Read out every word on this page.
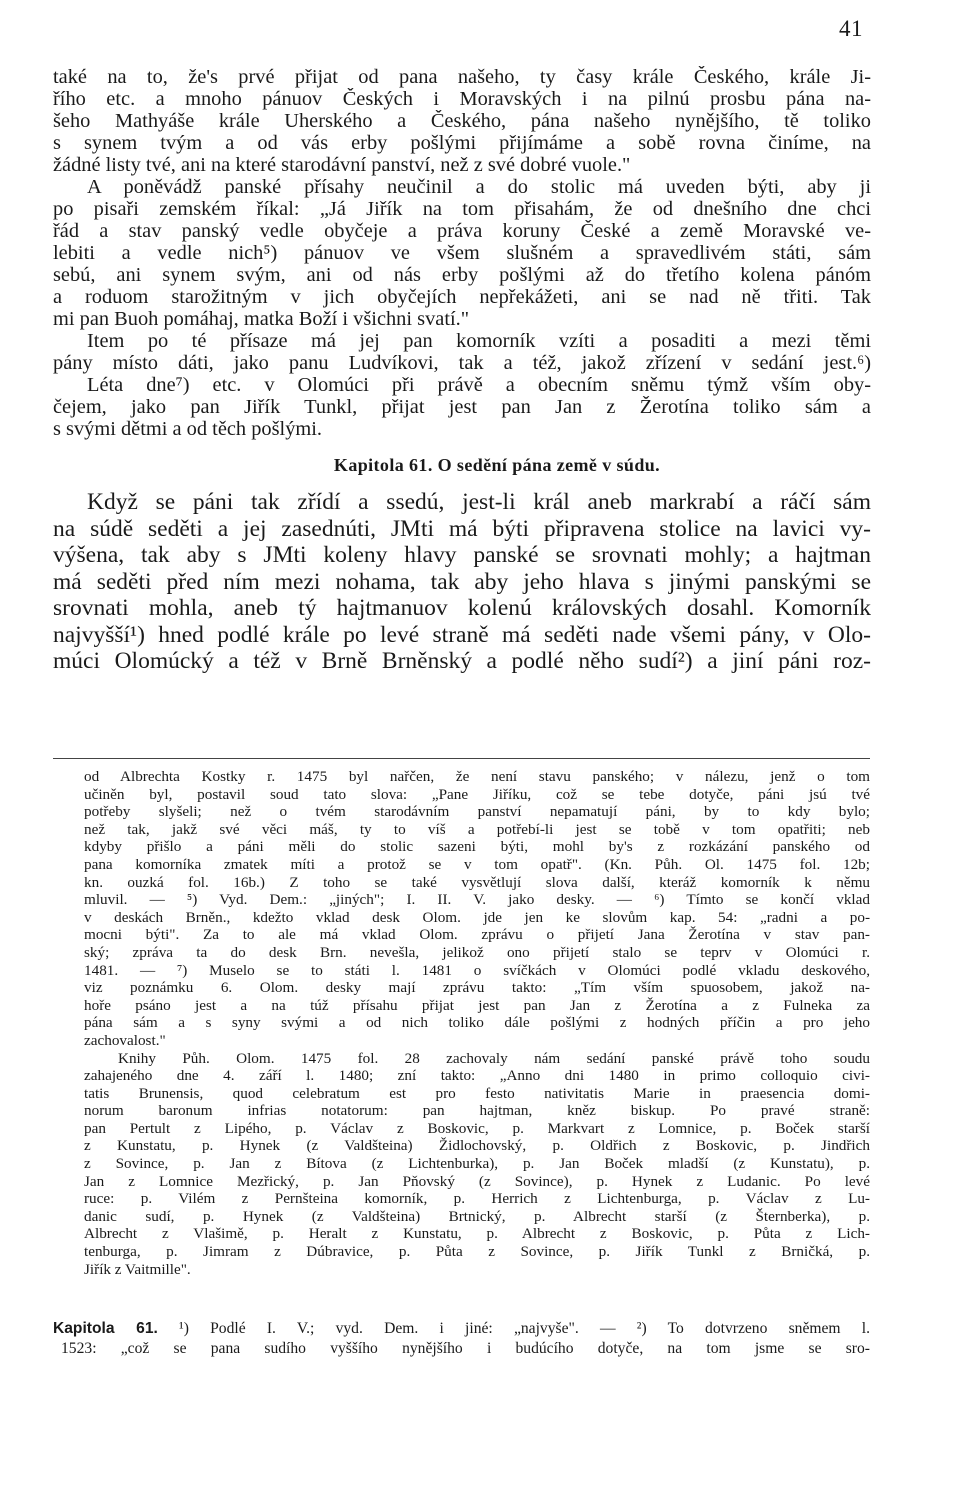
41
také na to, že's prvé přijat od pana našeho, ty časy krále Českého, krále Ji-
řího etc. a mnoho pánuov Českých i Moravských i na pilnú prosbu pána na-
šeho Mathyáše krále Uherského a Českého, pána našeho nynějšího, tě toliko
s synem tvým a od vás erby pošlými přijímáme a sobě rovna činíme, na
žádné listy tvé, ani na které starodávní panství, než z své dobré vuole."
A poněvádž panské přísahy neučinil a do stolic má uveden býti, aby ji
po pisaři zemském říkal: „Já Jiřík na tom přisahám, že od dnešního dne chci
řád a stav panský vedle obyčeje a práva koruny České a země Moravské ve-
lebiti a vedle nich⁵) pánuov ve všem slušném a spravedlivém státi, sám
sebú, ani synem svým, ani od nás erby pošlými až do třetího kolena pánóm
a roduom starožitným v jich obyčejích nepřekážeti, ani se nad ně třiti. Tak
mi pan Buoh pomáhaj, matka Boží i všichni svatí."
Item po té přísaze má jej pan komorník vzíti a posaditi a mezi těmi
pány místo dáti, jako panu Ludvíkovi, tak a též, jakož zřízení v sedání jest.⁶)
Léta dne⁷) etc. v Olomúci při právě a obecním sněmu týmž vším oby-
čejem, jako pan Jiřík Tunkl, přijat jest pan Jan z Žerotína toliko sám a
s svými dětmi a od těch pošlými.
Kapitola 61. O sedění pána země v súdu.
Když se páni tak zřídí a ssedú, jest-li král aneb markrabí a ráčí sám
na súdě seděti a jej zasednúti, JMti má býti připravena stolice na lavici vy-
výšena, tak aby s JMti koleny hlavy panské se srovnati mohly; a hajtman
má seděti před ním mezi nohama, tak aby jeho hlava s jinými panskými se
srovnati mohla, aneb tý hajtmanuov kolenú královských dosahl. Komorník
najvyšší¹) hned podlé krále po levé straně má seděti nade všemi pány, v Olo-
múci Olomúcký a též v Brně Brněnský a podlé něho sudí²) a jiní páni roz-
od Albrechta Kostky r. 1475 byl nařčen, že není stavu panského; v nálezu, jenž o tom
učiněn byl, postavil soud tato slova: „Pane Jiříku, což se tebe dotyče, páni jsú tvé
potřeby slyšeli; než o tvém starodávním panství nepamatují páni, by to kdy bylo;
než tak, jakž své věci máš, ty to víš a potřebí-li jest se tobě v tom opatřiti; neb
kdyby přišlo a páni měli do stolic sazeni býti, mohl by's z rozkázání panského od
pana komorníka zmatek míti a protož se v tom opatř". (Kn. Půh. Ol. 1475 fol. 12b;
kn. ouzká fol. 16b.) Z toho se také vysvětlují slova další, kteráž komorník k němu
mluvil. — ⁵) Vyd. Dem.: „jiných"; I. II. V. jako desky. — ⁶) Tímto se končí vklad
v deskách Brněn., kdežto vklad desk Olom. jde jen ke slovům kap. 54: „radni a po-
mocni býti". Za to ale má vklad Olom. zprávu o přijetí Jana Žerotína v stav pan-
ský; zpráva ta do desk Brn. nevešla, jelikož ono přijetí stalo se teprv v Olomúci r.
1481. — ⁷) Muselo se to státi l. 1481 o svíčkách v Olomúci podlé vkladu deskového,
viz poznámku 6. Olom. desky mají zprávu takto: „Tím vším spuosobem, jakož na-
hoře psáno jest a na túž přísahu přijat jest pan Jan z Žerotína a z Fulneka za
pána sám a s syny svými a od nich toliko dále pošlými z hodných příčin a pro jeho
zachovalost."
Knihy Půh. Olom. 1475 fol. 28 zachovaly nám sedání panské právě toho soudu
zahajeného dne 4. září l. 1480; zní takto: „Anno dni 1480 in primo colloquio civi-
tatis Brunensis, quod celebratum est pro festo nativitatis Marie in praesencia domi-
norum baronum infrias notatorum: pan hajtman, kněz biskup. Po pravé straně:
pan Pertult z Lipého, p. Václav z Boskovic, p. Markvart z Lomnice, p. Boček starší
z Kunstatu, p. Hynek (z Valdšteina) Židlochovský, p. Oldřich z Boskovic, p. Jindřich
z Sovince, p. Jan z Bítova (z Lichtenburka), p. Jan Boček mladší (z Kunstatu), p.
Jan z Lomnice Mezřický, p. Jan Pňovský (z Sovince), p. Hynek z Ludanic. Po levé
ruce: p. Vilém z Pernšteina komorník, p. Herrich z Lichtenburga, p. Václav z Lu-
danic sudí, p. Hynek (z Valdšteina) Brtnický, p. Albrecht starší (z Šternberka), p.
Albrecht z Vlašimě, p. Heralt z Kunstatu, p. Albrecht z Boskovic, p. Půta z Lich-
tenburga, p. Jimram z Dúbravice, p. Půta z Sovince, p. Jiřík Tunkl z Brničká, p.
Jiřík z Vaitmille".
Kapitola 61. ¹) Podlé I. V.; vyd. Dem. i jiné: „najvyše". — ²) To dotvrzeno sněmem l.
1523: „což se pana sudího vyššího nynějšího i budúcího dotyče, na tom jsme se sro-
